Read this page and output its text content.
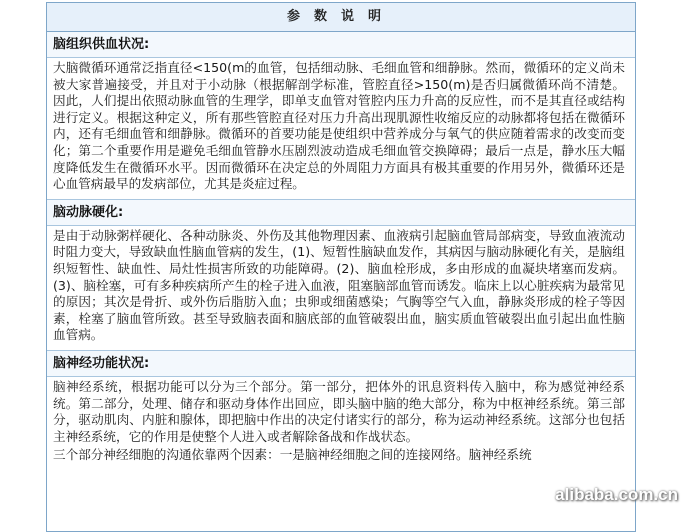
参数说明
脑组织供血状况:

大脑微循环通常泛指直径<150(m的血管，包括细动脉、毛细血管和细静脉。然而，微循环的定义尚未被大家普遍接受，并且对于小动脉（根据解剖学标准，管腔直径>150(m)是否归属微循环尚不清楚。因此，人们提出依照动脉血管的生理学，即单支血管对管腔内压力升高的反应性，而不是其直径或结构进行定义。根据这种定义，所有那些管腔直径对压力升高出现肌源性收缩反应的动脉都将包括在微循环内，还有毛细血管和细静脉。微循环的首要功能是使组织中营养成分与氧气的供应随着需求的改变而变化；第二个重要作用是避免毛细血管静水压剧烈波动造成毛细血管交换障碍；最后一点是，静水压大幅度降低发生在微循环水平。因而微循环在决定总的外周阻力方面具有极其重要的作用另外，微循环还是心血管病最早的发病部位，尤其是炎症过程。

脑动脉硬化:

是由于动脉粥样硬化、各种动脉炎、外伤及其他物理因素、血液病引起脑血管局部病变，导致血液流动时阻力变大，导致缺血性脑血管病的发生，(1)、短暂性脑缺血发作，其病因与脑动脉硬化有关，是脑组织短暂性、缺血性、局灶性损害所致的功能障碍。(2)、脑血栓形成，多由形成的血凝块堵塞而发病。(3)、脑栓塞，可有多种疾病所产生的栓子进入血液，阻塞脑部血管而诱发。临床上以心脏疾病为最常见的原因；其次是骨折、或外伤后脂肪入血；虫卵或细菌感染；气胸等空气入血，静脉炎形成的栓子等因素，栓塞了脑血管所致。甚至导致脑表面和脑底部的血管破裂出血，脑实质血管破裂出血引起出血性脑血管病。

脑神经功能状况:

脑神经系统，根据功能可以分为三个部分。第一部分，把体外的讯息资料传入脑中，称为感觉神经系统。第二部分，处理、储存和驱动身体作出回应，即头脑中脑的绝大部分，称为中枢神经系统。第三部分，驱动肌肉、内脏和腺体，即把脑中作出的决定付诸实行的部分，称为运动神经系统。这部分也包括主神经系统，它的作用是使整个人进入或者解除备战和作战状态。

三个部分神经细胞的沟通依靠两个因素：一是脑神经细胞之间的连接网络。脑神经系统

alibaba.com.cn
